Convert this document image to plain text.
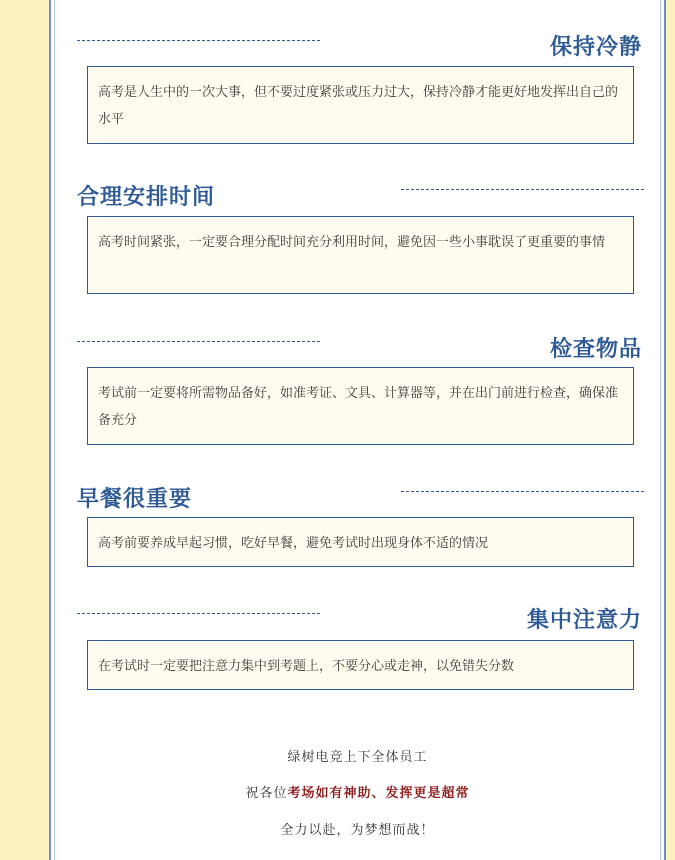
保持冷静
高考是人生中的一次大事，但不要过度紧张或压力过大，保持冷静才能更好地发挥出自己的水平
合理安排时间
高考时间紧张，一定要合理分配时间充分利用时间，避免因一些小事耽误了更重要的事情
检查物品
考试前一定要将所需物品备好，如准考证、文具、计算器等，并在出门前进行检查，确保准备充分
早餐很重要
高考前要养成早起习惯，吃好早餐，避免考试时出现身体不适的情况
集中注意力
在考试时一定要把注意力集中到考题上，不要分心或走神，以免错失分数
绿树电竞上下全体员工
祝各位考场如有神助、发挥更是超常
全力以赴，为梦想而战！
